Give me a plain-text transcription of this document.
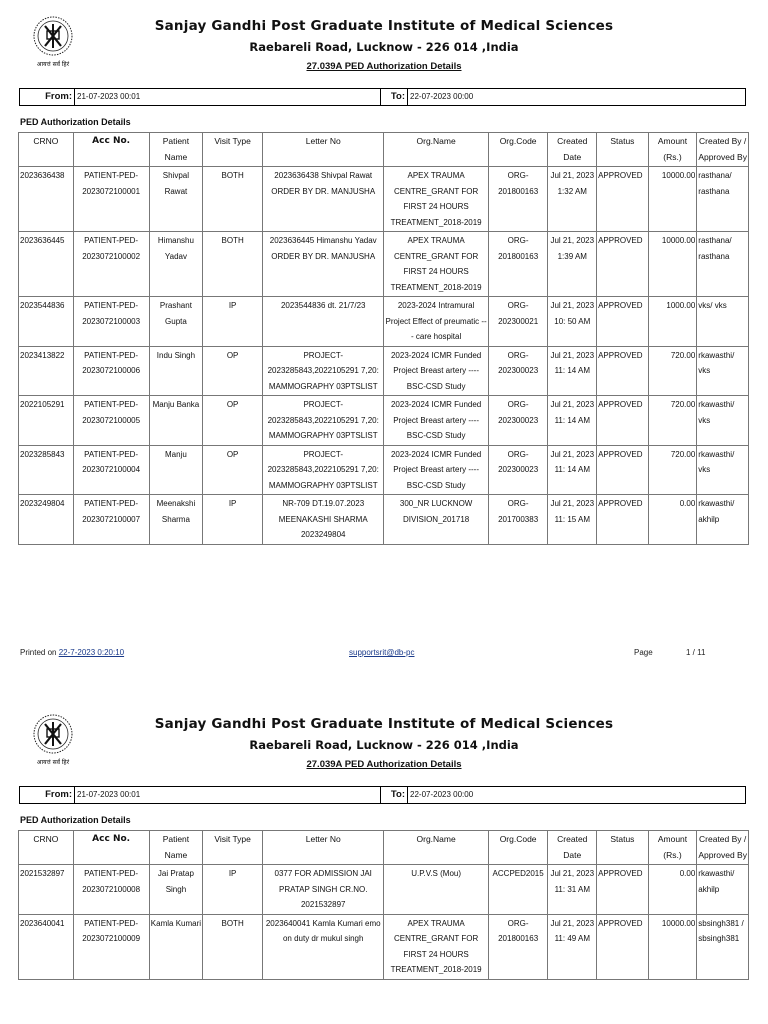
आयत्तं सर्वं हिरं
Sanjay Gandhi Post Graduate Institute of Medical Sciences
Raebareli Road, Lucknow - 226 014 ,India
27.039A PED Authorization Details
From: 21-07-2023 00:01	To: 22-07-2023 00:00
PED Authorization Details
CRNO	Acc No.	Patient Name	Visit Type	Letter No	Org.Name	Org.Code	Created Date	Status	Amount (Rs.)	Created By / Approved By
2023636438	PATIENT-PED-2023072100001	Shivpal Rawat	BOTH	2023636438 Shivpal Rawat ORDER BY DR. MANJUSHA	APEX TRAUMA CENTRE_GRANT FOR FIRST 24 HOURS TREATMENT_2018-2019	ORG-201800163	Jul 21, 2023 1:32 AM	APPROVED	10000.00	rasthana/ rasthana
2023636445	PATIENT-PED-2023072100002	Himanshu Yadav	BOTH	2023636445 Himanshu Yadav ORDER BY DR. MANJUSHA	APEX TRAUMA CENTRE_GRANT FOR FIRST 24 HOURS TREATMENT_2018-2019	ORG-201800163	Jul 21, 2023 1:39 AM	APPROVED	10000.00	rasthana/ rasthana
2023544836	PATIENT-PED-2023072100003	Prashant Gupta	IP	2023544836 dt. 21/7/23	2023-2024 Intramural Project Effect of preumatic --- care hospital	ORG-202300021	Jul 21, 2023 10: 50 AM	APPROVED	1000.00	vks/ vks
2023413822	PATIENT-PED-2023072100006	Indu Singh	OP	PROJECT-2023285843,2022105291 7,20: MAMMOGRAPHY 03PTSLIST	2023-2024 ICMR Funded Project Breast artery ---- BSC-CSD Study	ORG-202300023	Jul 21, 2023 11: 14 AM	APPROVED	720.00	rkawasthi/ vks
2022105291	PATIENT-PED-2023072100005	Manju Banka	OP	PROJECT-2023285843,2022105291 7,20: MAMMOGRAPHY 03PTSLIST	2023-2024 ICMR Funded Project Breast artery ---- BSC-CSD Study	ORG-202300023	Jul 21, 2023 11: 14 AM	APPROVED	720.00	rkawasthi/ vks
2023285843	PATIENT-PED-2023072100004	Manju	OP	PROJECT-2023285843,2022105291 7,20: MAMMOGRAPHY 03PTSLIST	2023-2024 ICMR Funded Project Breast artery ---- BSC-CSD Study	ORG-202300023	Jul 21, 2023 11: 14 AM	APPROVED	720.00	rkawasthi/ vks
2023249804	PATIENT-PED-2023072100007	Meenakshi Sharma	IP	NR-709 DT.19.07.2023 MEENAKASHI SHARMA 2023249804	300_NR LUCKNOW DIVISION_201718	ORG-201700383	Jul 21, 2023 11: 15 AM	APPROVED	0.00	rkawasthi/ akhilp
Printed on 22-7-2023 0:20:10	supportsrit@db-pc	Page	1 / 11
आयत्तं सर्वं हिरं
Sanjay Gandhi Post Graduate Institute of Medical Sciences
Raebareli Road, Lucknow - 226 014 ,India
27.039A PED Authorization Details
From: 21-07-2023 00:01	To: 22-07-2023 00:00
PED Authorization Details
CRNO	Acc No.	Patient Name	Visit Type	Letter No	Org.Name	Org.Code	Created Date	Status	Amount (Rs.)	Created By / Approved By
2021532897	PATIENT-PED-2023072100008	Jai Pratap Singh	IP	0377 FOR ADMISSION JAI PRATAP SINGH CR.NO. 2021532897	U.P.V.S (Mou)	ACCPED2015	Jul 21, 2023 11: 31 AM	APPROVED	0.00	rkawasthi/ akhilp
2023640041	PATIENT-PED-2023072100009	Kamla Kumari	BOTH	2023640041 Kamla Kumari emo on duty dr mukul singh	APEX TRAUMA CENTRE_GRANT FOR FIRST 24 HOURS TREATMENT_2018-2019	ORG-201800163	Jul 21, 2023 11: 49 AM	APPROVED	10000.00	sbsingh381 / sbsingh381
